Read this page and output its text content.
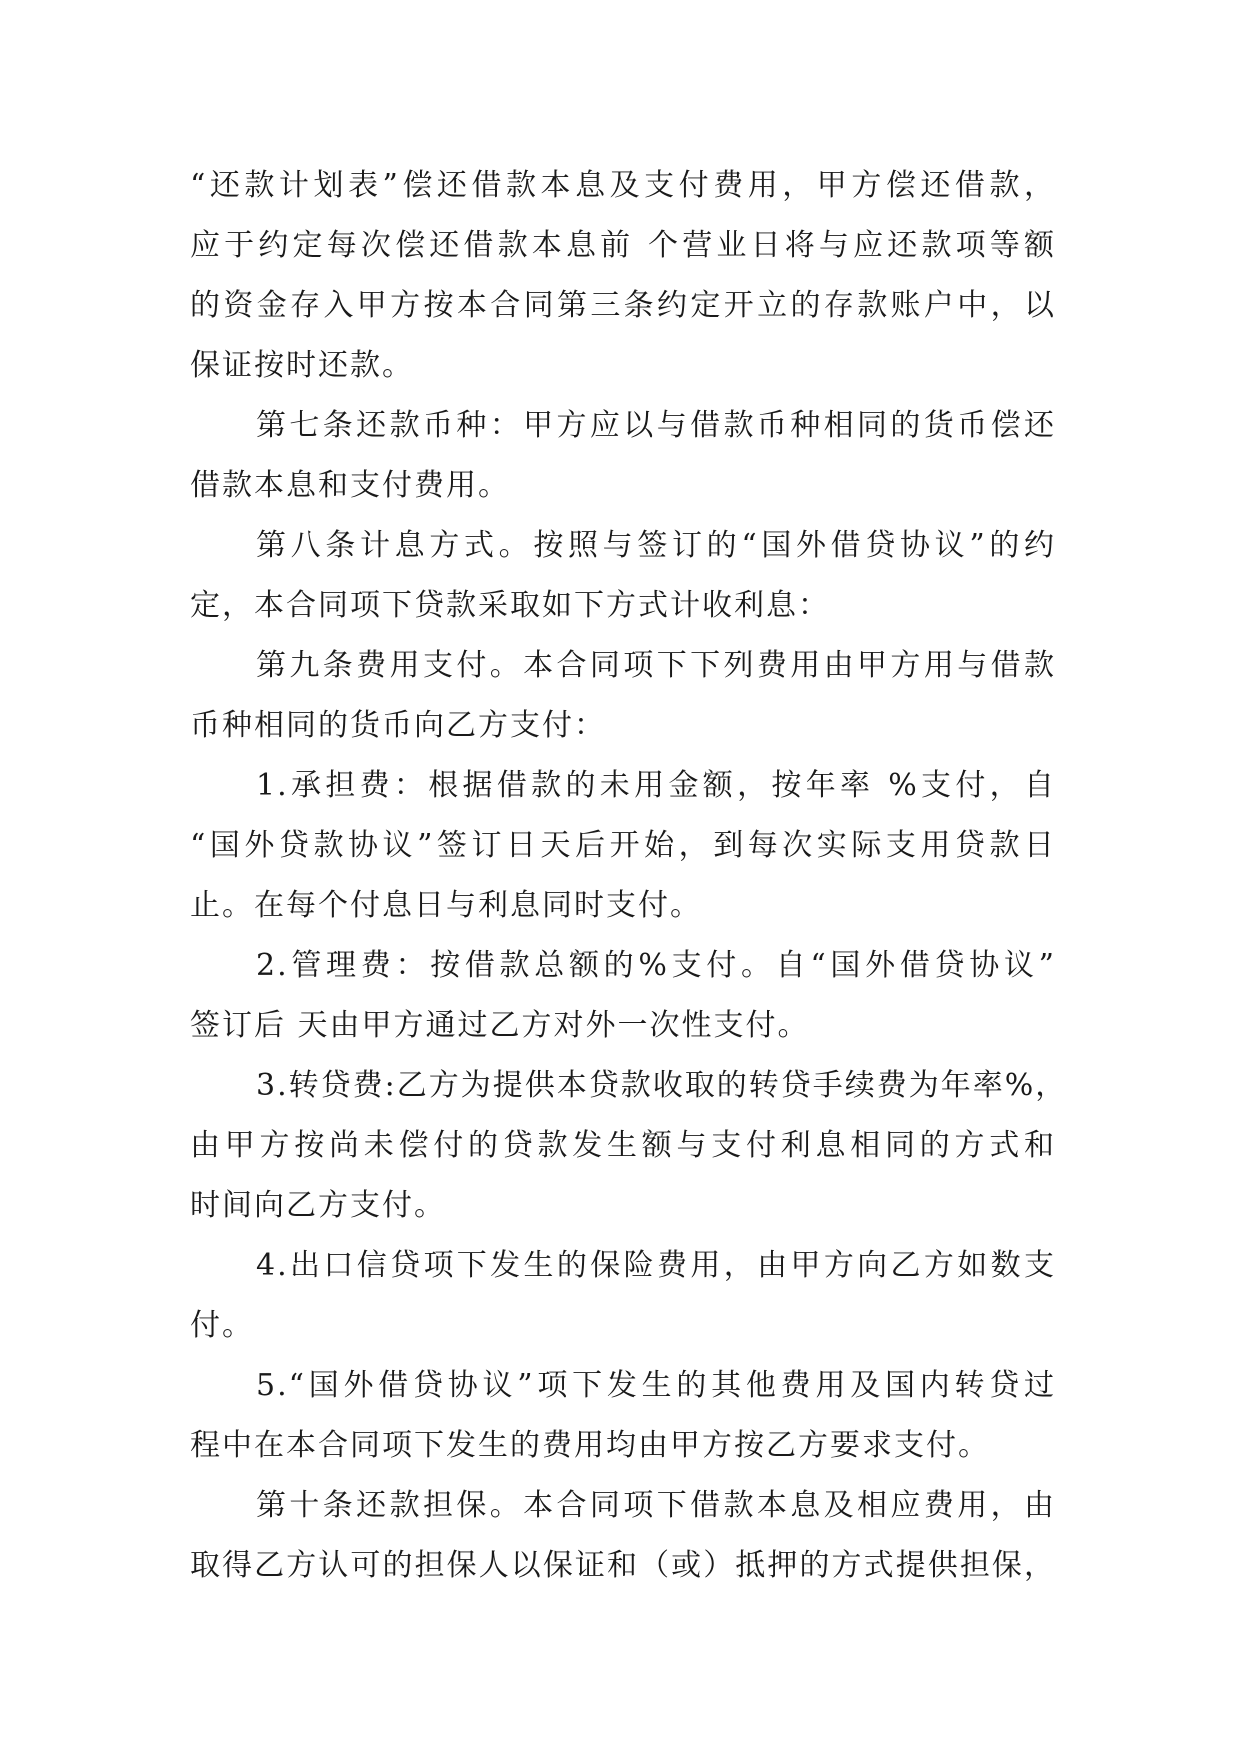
“还款计划表”偿还借款本息及支付费用，甲方偿还借款，
应于约定每次偿还借款本息前 个营业日将与应还款项等额
的资金存入甲方按本合同第三条约定开立的存款账户中，以
保证按时还款。
第七条还款币种：甲方应以与借款币种相同的货币偿还
借款本息和支付费用。
第八条计息方式。按照与签订的“国外借贷协议”的约
定，本合同项下贷款采取如下方式计收利息：
第九条费用支付。本合同项下下列费用由甲方用与借款
币种相同的货币向乙方支付：
1.承担费：根据借款的未用金额，按年率 %支付，自
“国外贷款协议”签订日天后开始，到每次实际支用贷款日
止。在每个付息日与利息同时支付。
2.管理费：按借款总额的%支付。自“国外借贷协议”
签订后 天由甲方通过乙方对外一次性支付。
3.转贷费:乙方为提供本贷款收取的转贷手续费为年率%，
由甲方按尚未偿付的贷款发生额与支付利息相同的方式和
时间向乙方支付。
4.出口信贷项下发生的保险费用，由甲方向乙方如数支
付。
5.“国外借贷协议”项下发生的其他费用及国内转贷过
程中在本合同项下发生的费用均由甲方按乙方要求支付。
第十条还款担保。本合同项下借款本息及相应费用，由
取得乙方认可的担保人以保证和（或）抵押的方式提供担保，
